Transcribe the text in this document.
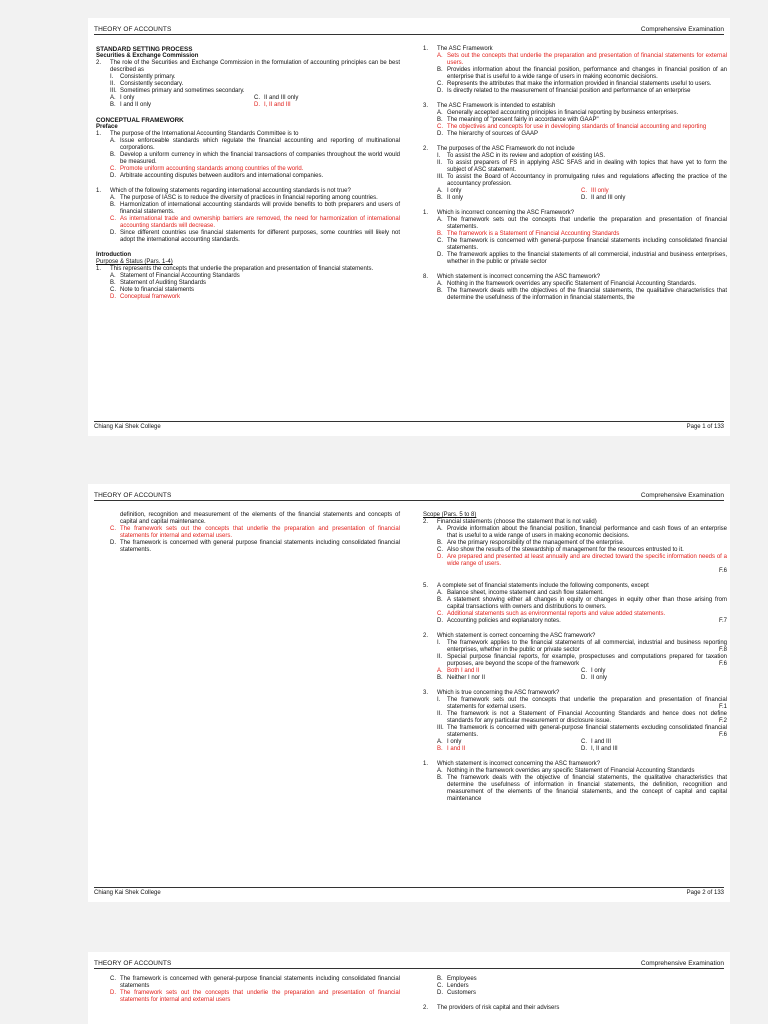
THEORY OF ACCOUNTS	Comprehensive Examination
STANDARD SETTING PROCESS
Securities & Exchange Commission
2.	The role of the Securities and Exchange Commission in the formulation of accounting principles can be best described as
I.	Consistently primary.
II. Consistently secondary.
III. Sometimes primary and sometimes secondary.
A. I only	C. II and III only
B. I and II only	D. I, II and III
CONCEPTUAL FRAMEWORK
Preface
1.	The purpose of the International Accounting Standards Committee is to
A. Issue enforceable standards which regulate the financial accounting and reporting of multinational corporations.
B. Develop a uniform currency in which the financial transactions of companies throughout the world would be measured.
C. Promote uniform accounting standards among countries of the world.
D. Arbitrate accounting disputes between auditors and international companies.
1.	Which of the following statements regarding international accounting standards is not true?
A. The purpose of IASC is to reduce the diversity of practices in financial reporting among countries.
B. Harmonization of international accounting standards will provide benefits to both preparers and users of financial statements.
C. As international trade and ownership barriers are removed, the need for harmonization of international accounting standards will decrease.
D. Since different countries use financial statements for different purposes, some countries will likely not adopt the international accounting standards.
Introduction
Purpose & Status (Pars. 1-4)
1.	This represents the concepts that underlie the preparation and presentation of financial statements.
A. Statement of Financial Accounting Standards
B. Statement of Auditing Standards
C. Note to financial statements
D. Conceptual framework
1.	The ASC Framework
A. Sets out the concepts that underlie the preparation and presentation of financial statements for external users.
B. Provides information about the financial position, performance and changes in financial position of an enterprise that is useful to a wide range of users in making economic decisions.
C. Represents the attributes that make the information provided in financial statements useful to users.
D. Is directly related to the measurement of financial position and performance of an enterprise
3.	The ASC Framework is intended to establish
A. Generally accepted accounting principles in financial reporting by business enterprises.
B. The meaning of "present fairly in accordance with GAAP"
C. The objectives and concepts for use in developing standards of financial accounting and reporting
D. The hierarchy of sources of GAAP
2.	The purposes of the ASC Framework do not include
I.	To assist the ASC in its review and adoption of existing IAS.
II. To assist preparers of FS in applying ASC SFAS and in dealing with topics that have yet to form the subject of ASC statement.
III. To assist the Board of Accountancy in promulgating rules and regulations affecting the practice of the accountancy profession.
A. I only	C. III only
B. II only	D. II and III only
1.	Which is incorrect concerning the ASC Framework?
A. The framework sets out the concepts that underlie the preparation and presentation of financial statements.
B. The framework is a Statement of Financial Accounting Standards
C. The framework is concerned with general-purpose financial statements including consolidated financial statements.
D. The framework applies to the financial statements of all commercial, industrial and business enterprises, whether in the public or private sector
8.	Which statement is incorrect concerning the ASC framework?
A. Nothing in the framework overrides any specific Statement of Financial Accounting Standards.
B. The framework deals with the objectives of the financial statements, the qualitative characteristics that determine the usefulness of the information in financial statements, the
Chiang Kai Shek College	Page 1 of 133
THEORY OF ACCOUNTS	Comprehensive Examination
definition, recognition and measurement of the elements of the financial statements and concepts of capital and capital maintenance.
C. The framework sets out the concepts that underlie the preparation and presentation of financial statements for internal and external users.
D. The framework is concerned with general purpose financial statements including consolidated financial statements.
Scope (Pars. 5 to 8)
2.	Financial statements (choose the statement that is not valid)
A. Provide information about the financial position, financial performance and cash flows of an enterprise that is useful to a wide range of users in making economic decisions.
B. Are the primary responsibility of the management of the enterprise.
C. Also show the results of the stewardship of management for the resources entrusted to it.
D. Are prepared and presented at least annually and are directed toward the specific information needs of a wide range of users.
F.6
5.	A complete set of financial statements include the following components, except
A. Balance sheet, income statement and cash flow statement.
B. A statement showing either all changes in equity or changes in equity other than those arising from capital transactions with owners and distributions to owners.
C. Additional statements such as environmental reports and value added statements.
D. Accounting policies and explanatory notes.	F.7
2.	Which statement is correct concerning the ASC framework?
I.	The framework applies to the financial statements of all commercial, industrial and business reporting enterprises, whether in the public or private sector	F.8
II. Special purpose financial reports, for example, prospectuses and computations prepared for taxation purposes, are beyond the scope of the framework	F.6
A. Both I and II	C. I only
B. Neither I nor II	D. II only
3.	Which is true concerning the ASC framework?
I.	The framework sets out the concepts that underlie the preparation and presentation of financial statements for external users.	F.1
II. The framework is not a Statement of Financial Accounting Standards and hence does not define standards for any particular measurement or disclosure issue.	F.2
III. The framework is concerned with general-purpose financial statements excluding consolidated financial statements.	F.6
A. I only	C. I and III
B. I and II	D. I, II and III
1.	Which statement is incorrect concerning the ASC framework?
A. Nothing in the framework overrides any specific Statement of Financial Accounting Standards
B. The framework deals with the objective of financial statements, the qualitative characteristics that determine the usefulness of information in financial statements, the definition, recognition and measurement of the elements of the financial statements, and the concept of capital and capital maintenance
Chiang Kai Shek College	Page 2 of 133
THEORY OF ACCOUNTS	Comprehensive Examination
C. The framework is concerned with general-purpose financial statements including consolidated financial statements
D. The framework sets out the concepts that underlie the preparation and presentation of financial statements for internal and external users
B. Employees
C. Lenders
D. Customers
2.	The providers of risk capital and their advisers
